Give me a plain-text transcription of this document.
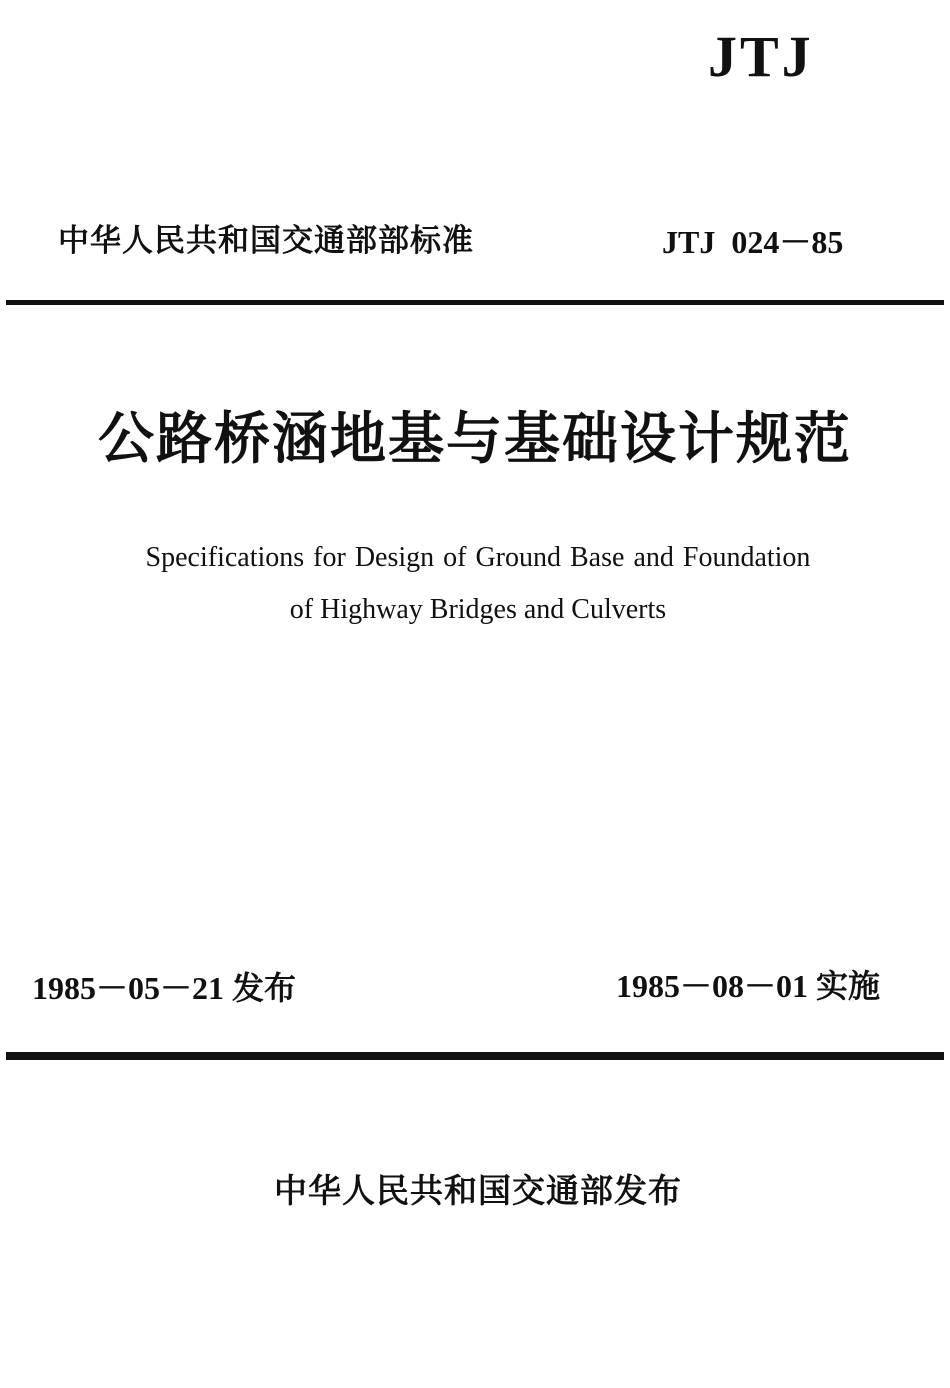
JTJ
中华人民共和国交通部部标准	JTJ 024－85
公路桥涵地基与基础设计规范
Specifications for Design of Ground Base and Foundation
of Highway Bridges and Culverts
1985－05－21 发布	1985－08－01 实施
中华人民共和国交通部发布
